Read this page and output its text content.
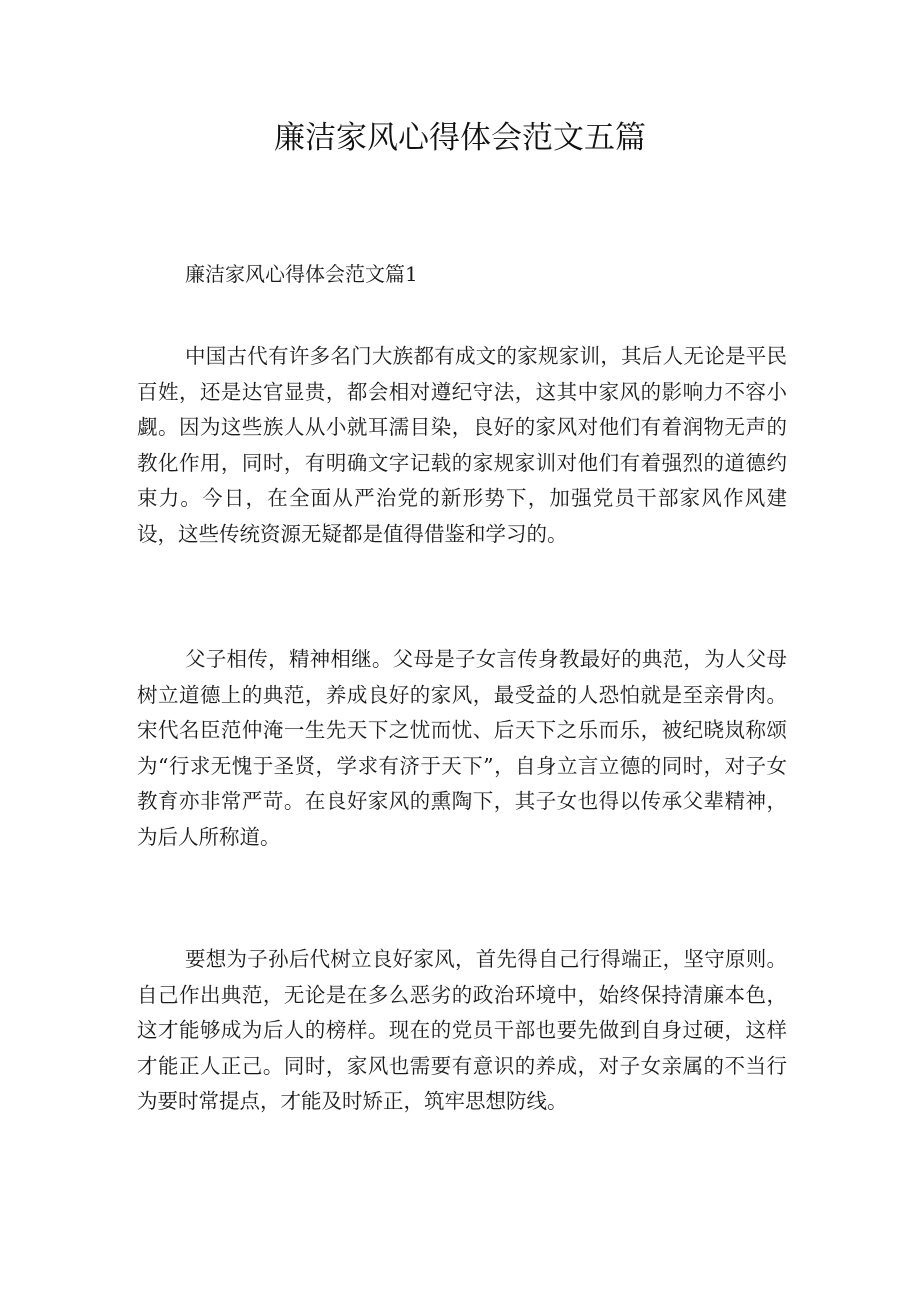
廉洁家风心得体会范文五篇
廉洁家风心得体会范文篇1

中国古代有许多名门大族都有成文的家规家训，其后人无论是平民百姓，还是达官显贵，都会相对遵纪守法，这其中家风的影响力不容小觑。因为这些族人从小就耳濡目染，良好的家风对他们有着润物无声的教化作用，同时，有明确文字记载的家规家训对他们有着强烈的道德约束力。今日，在全面从严治党的新形势下，加强党员干部家风作风建设，这些传统资源无疑都是值得借鉴和学习的。

父子相传，精神相继。父母是子女言传身教最好的典范，为人父母树立道德上的典范，养成良好的家风，最受益的人恐怕就是至亲骨肉。宋代名臣范仲淹一生先天下之忧而忧、后天下之乐而乐，被纪晓岚称颂为“行求无愧于圣贤，学求有济于天下”，自身立言立德的同时，对子女教育亦非常严苛。在良好家风的熏陶下，其子女也得以传承父辈精神，为后人所称道。

要想为子孙后代树立良好家风，首先得自己行得端正，坚守原则。自己作出典范，无论是在多么恶劣的政治环境中，始终保持清廉本色，这才能够成为后人的榜样。现在的党员干部也要先做到自身过硬，这样才能正人正己。同时，家风也需要有意识的养成，对子女亲属的不当行为要时常提点，才能及时矫正，筑牢思想防线。
